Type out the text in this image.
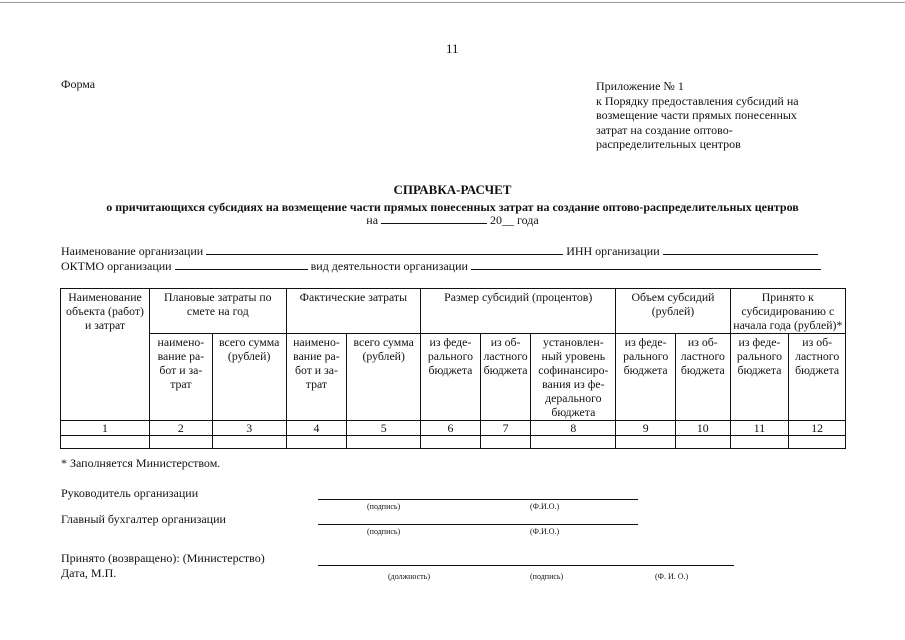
11
Форма	Приложение № 1
к Порядку предоставления субсидий на
возмещение части прямых понесенных
затрат на создание оптово-
распределительных центров
СПРАВКА-РАСЧЕТ
о причитающихся субсидиях на возмещение части прямых понесенных затрат на создание оптово-распределительных центров
на	20__ года
Наименование организации	ИНН организации
ОКТМО организации	вид деятельности организации
Наименование объекта (работ) и затрат	Плановые затраты по смете на год		Фактические затраты		Размер субсидий (процентов)			Объем субсидий (рублей)		Принято к субсидированию с начала года (рублей)*	
	наимено-вание ра-бот и за-трат	всего сумма (рублей)	наимено-вание ра-бот и за-трат	всего сумма (рублей)	из феде-рального бюджета	из об-ластного бюджета	установлен-ный уровень софинансиро-вания из фе-дерального бюджета	из феде-рального бюджета	из об-ластного бюджета	из феде-рального бюджета	из об-ластного бюджета
1	2	3	4	5	6	7	8	9	10	11	12

* Заполняется Министерством.
Руководитель организации
(подпись)	(Ф.И.О.)
Главный бухгалтер организации
(подпись)	(Ф.И.О.)
Принято (возвращено): (Министерство)
Дата, М.П.	(должность)	(подпись)	(Ф. И. О.)
